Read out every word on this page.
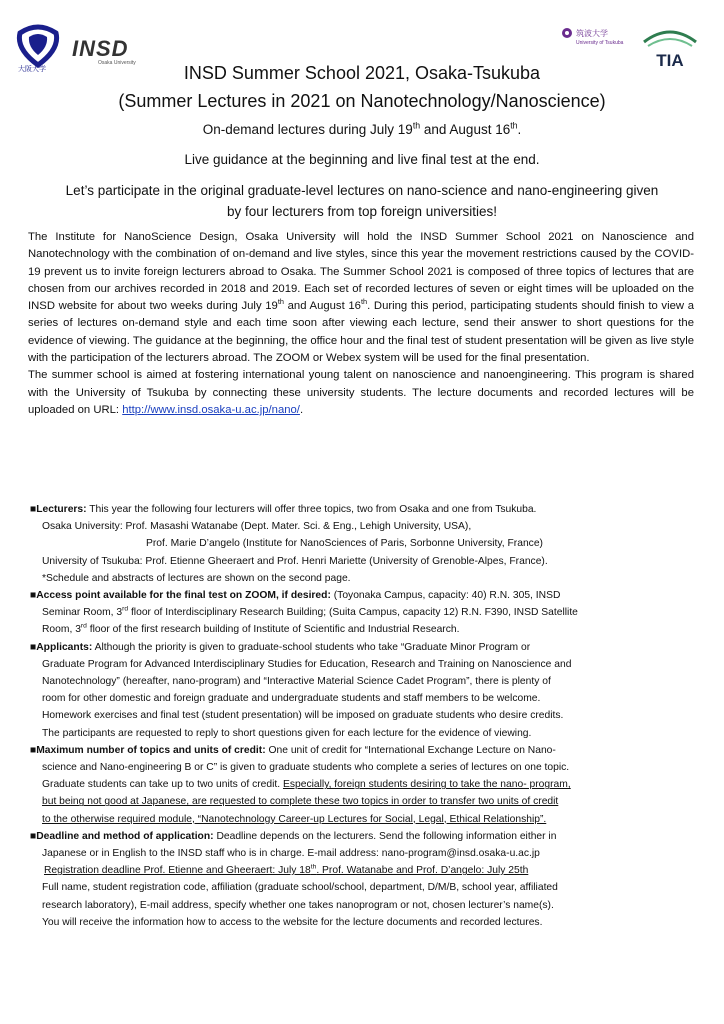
大阪大学
INSD
Osaka University
筑波大学
University of Tsukuba
TIA
INSD Summer School 2021, Osaka-Tsukuba
(Summer Lectures in 2021 on Nanotechnology/Nanoscience)
On-demand lectures during July 19th and August 16th.
Live guidance at the beginning and live final test at the end.
Let’s participate in the original graduate-level lectures on nano-science and nano-engineering given by four lecturers from top foreign universities!

The Institute for NanoScience Design, Osaka University will hold the INSD Summer School 2021 on Nanoscience and Nanotechnology with the combination of on-demand and live styles, since this year the movement restrictions caused by the COVID-19 prevent us to invite foreign lecturers abroad to Osaka. The Summer School 2021 is composed of three topics of lectures that are chosen from our archives recorded in 2018 and 2019. Each set of recorded lectures of seven or eight times will be uploaded on the INSD website for about two weeks during July 19th and August 16th. During this period, participating students should finish to view a series of lectures on-demand style and each time soon after viewing each lecture, send their answer to short questions for the evidence of viewing. The guidance at the beginning, the office hour and the final test of student presentation will be given as live style with the participation of the lecturers abroad. The ZOOM or Webex system will be used for the final presentation.

The summer school is aimed at fostering international young talent on nanoscience and nanoengineering. This program is shared with the University of Tsukuba by connecting these university students. The lecture documents and recorded lectures will be uploaded on URL: http://www.insd.osaka-u.ac.jp/nano/.

■Lecturers: This year the following four lecturers will offer three topics, two from Osaka and one from Tsukuba.
Osaka University: Prof. Masashi Watanabe (Dept. Mater. Sci. & Eng., Lehigh University, USA),
Prof. Marie D’angelo (Institute for NanoSciences of Paris, Sorbonne University, France)
University of Tsukuba: Prof. Etienne Gheeraert and Prof. Henri Mariette (University of Grenoble-Alpes, France).
*Schedule and abstracts of lectures are shown on the second page.
■Access point available for the final test on ZOOM, if desired: (Toyonaka Campus, capacity: 40) R.N. 305, INSD
Seminar Room, 3rd floor of Interdisciplinary Research Building; (Suita Campus, capacity 12) R.N. F390, INSD Satellite
Room, 3rd floor of the first research building of Institute of Scientific and Industrial Research.
■Applicants: Although the priority is given to graduate-school students who take “Graduate Minor Program or
Graduate Program for Advanced Interdisciplinary Studies for Education, Research and Training on Nanoscience and
Nanotechnology” (hereafter, nano-program) and “Interactive Material Science Cadet Program”, there is plenty of
room for other domestic and foreign graduate and undergraduate students and staff members to be welcome.
Homework exercises and final test (student presentation) will be imposed on graduate students who desire credits.
The participants are requested to reply to short questions given for each lecture for the evidence of viewing.
■Maximum number of topics and units of credit: One unit of credit for “International Exchange Lecture on Nano-
science and Nano-engineering B or C” is given to graduate students who complete a series of lectures on one topic.
Graduate students can take up to two units of credit. Especially, foreign students desiring to take the nano- program,
but being not good at Japanese, are requested to complete these two topics in order to transfer two units of credit
to the otherwise required module, “Nanotechnology Career-up Lectures for Social, Legal, Ethical Relationship”.
■Deadline and method of application: Deadline depends on the lecturers. Send the following information either in
Japanese or in English to the INSD staff who is in charge. E-mail address: nano-program@insd.osaka-u.ac.jp
Registration deadline Prof. Etienne and Gheeraert: July 18th. Prof. Watanabe and Prof. D’angelo: July 25th
Full name, student registration code, affiliation (graduate school/school, department, D/M/B, school year, affiliated
research laboratory), E-mail address, specify whether one takes nanoprogram or not, chosen lecturer’s name(s).
You will receive the information how to access to the website for the lecture documents and recorded lectures.
